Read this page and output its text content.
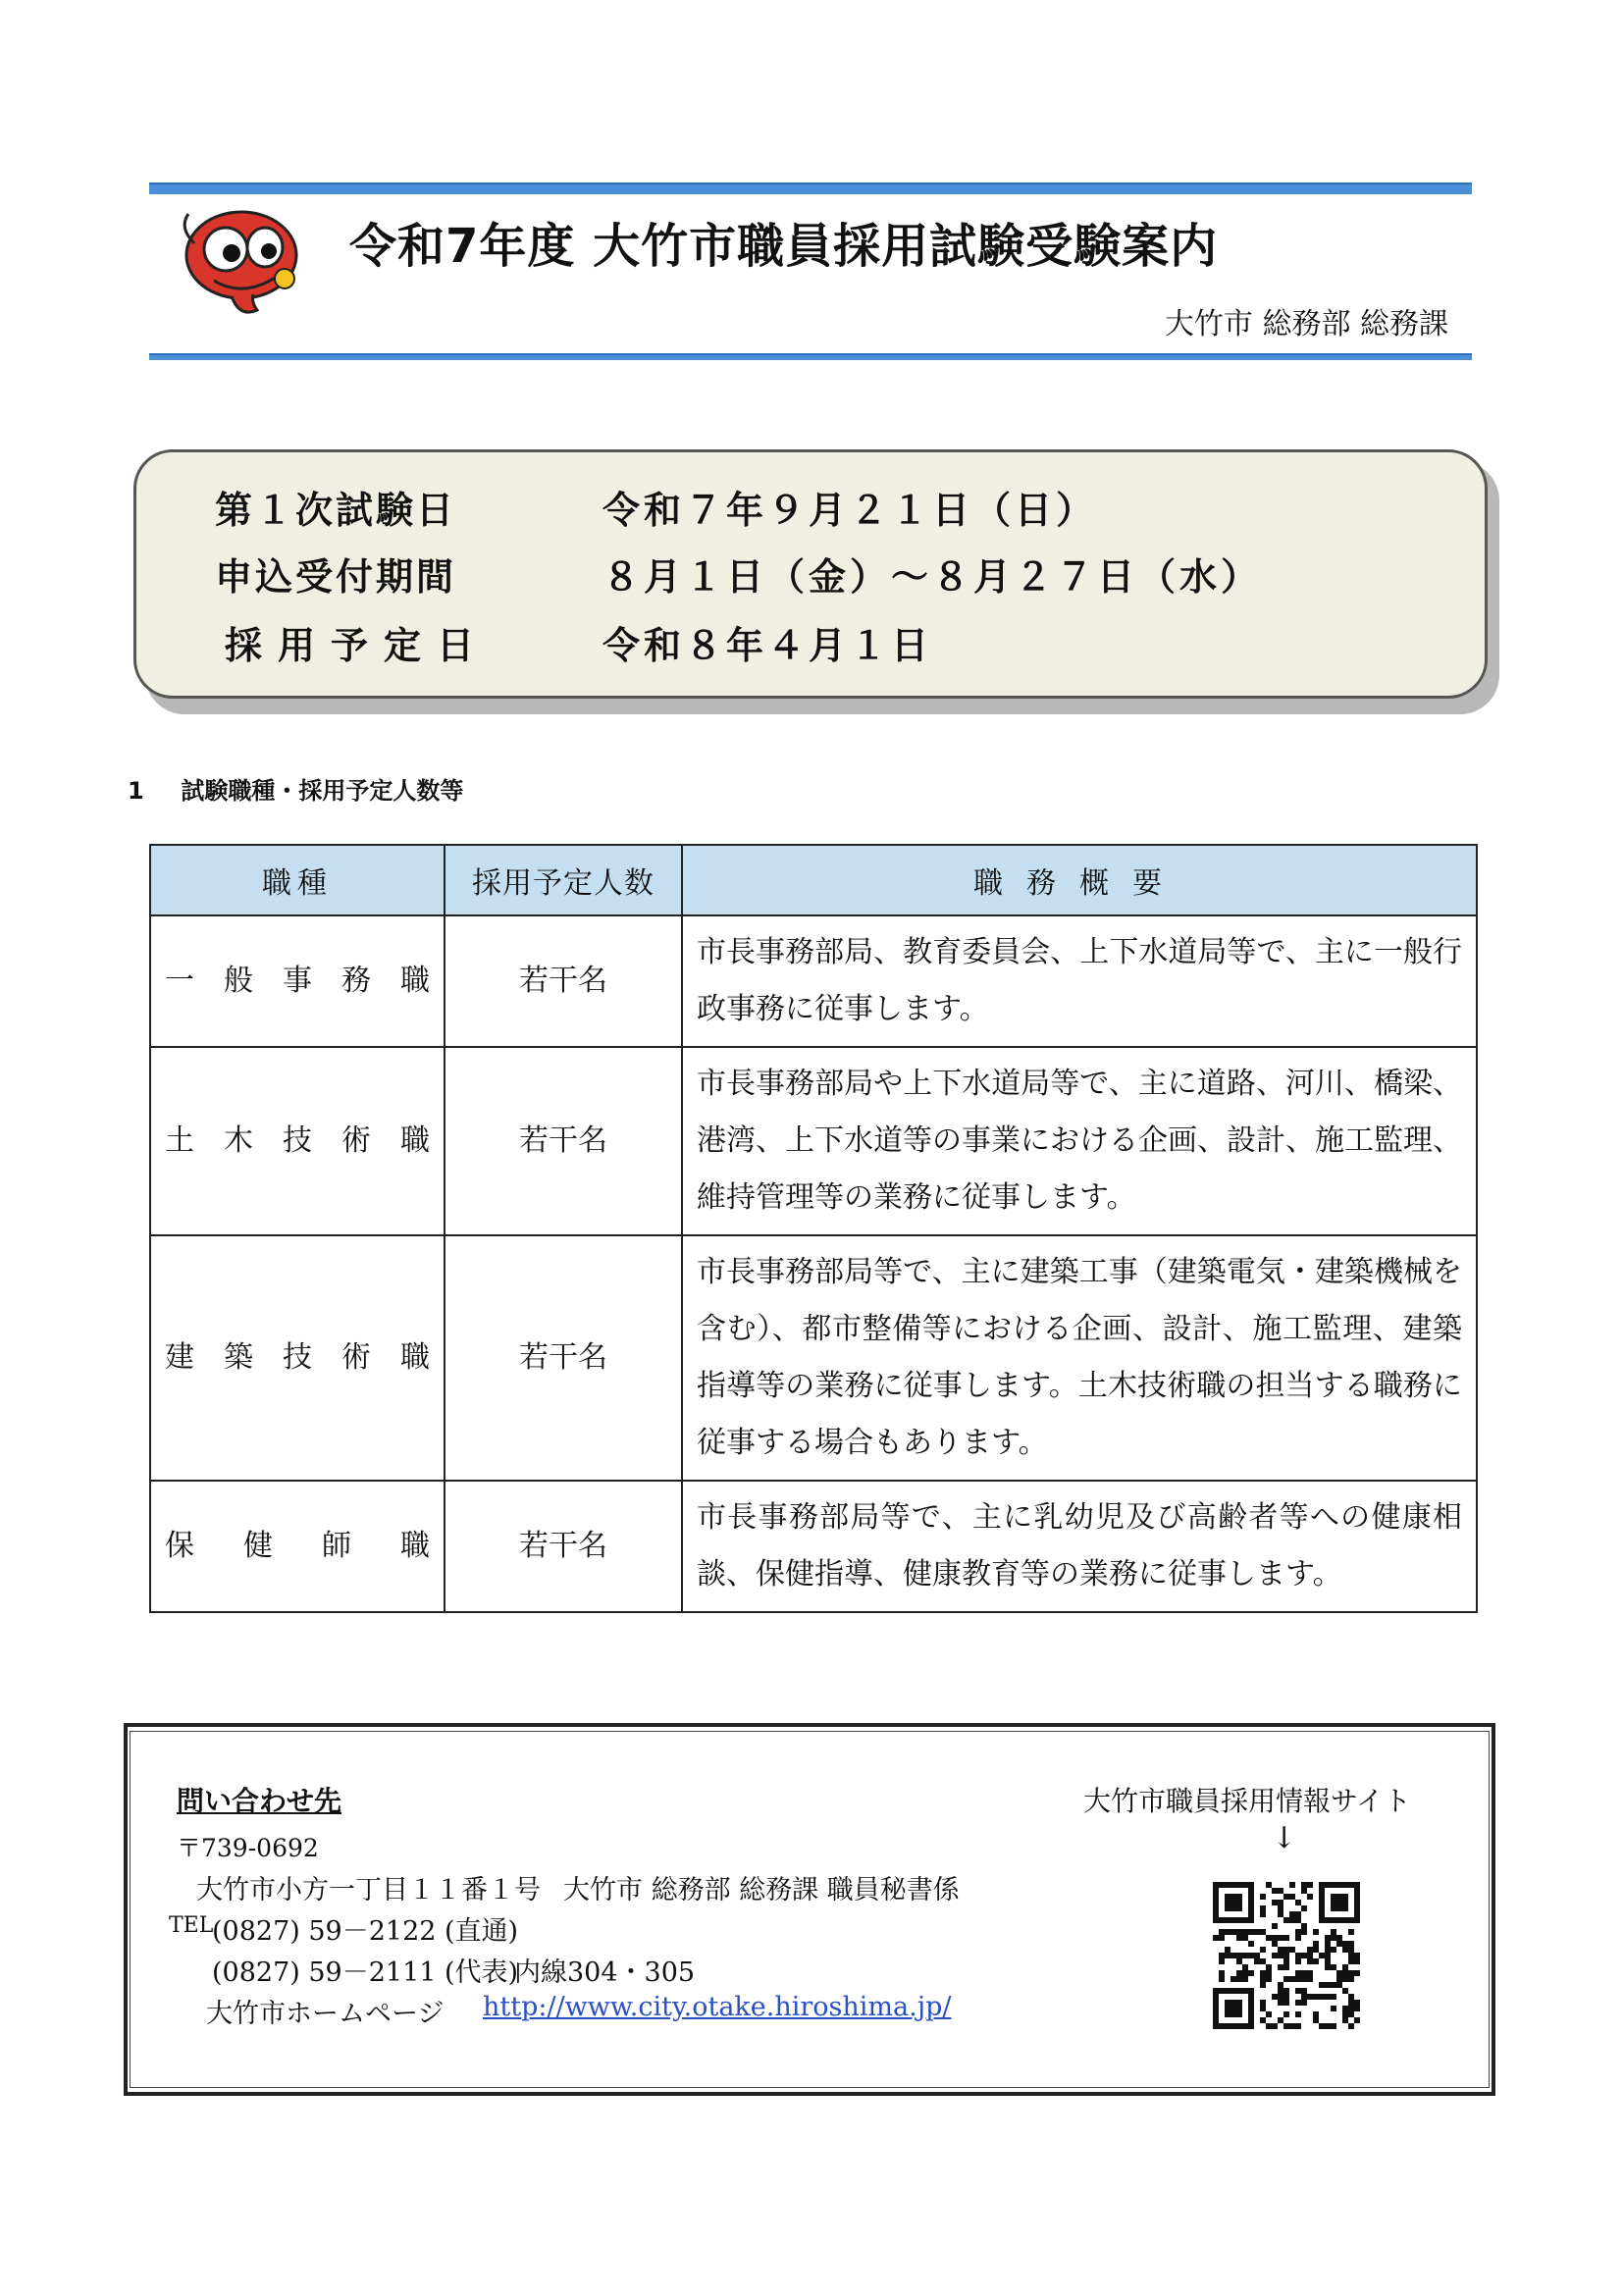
令和7年度 大竹市職員採用試験受験案内
大竹市 総務部 総務課
第１次試験日	令和７年９月２１日（日）
申込受付期間	８月１日（金）～８月２７日（水）
採用予定日	令和８年４月１日
1 試験職種・採用予定人数等
職種	採用予定人数	職務概要
一般事務職	若干名	市長事務部局、教育委員会、上下水道局等で、主に一般行政事務に従事します。
土木技術職	若干名	市長事務部局や上下水道局等で、主に道路、河川、橋梁、港湾、上下水道等の事業における企画、設計、施工監理、維持管理等の業務に従事します。
建築技術職	若干名	市長事務部局等で、主に建築工事（建築電気・建築機械を含む）、都市整備等における企画、設計、施工監理、建築指導等の業務に従事します。土木技術職の担当する職務に従事する場合もあります。
保健師職	若干名	市長事務部局等で、主に乳幼児及び高齢者等への健康相談、保健指導、健康教育等の業務に従事します。
問い合わせ先
〒739-0692
大竹市小方一丁目１１番１号 大竹市 総務部 総務課 職員秘書係
TEL
(0827) 59－2122 (直通)
(0827) 59－2111 (代表)
内線304・305
大竹市ホームページ http://www.city.otake.hiroshima.jp/
大竹市職員採用情報サイト
↓
